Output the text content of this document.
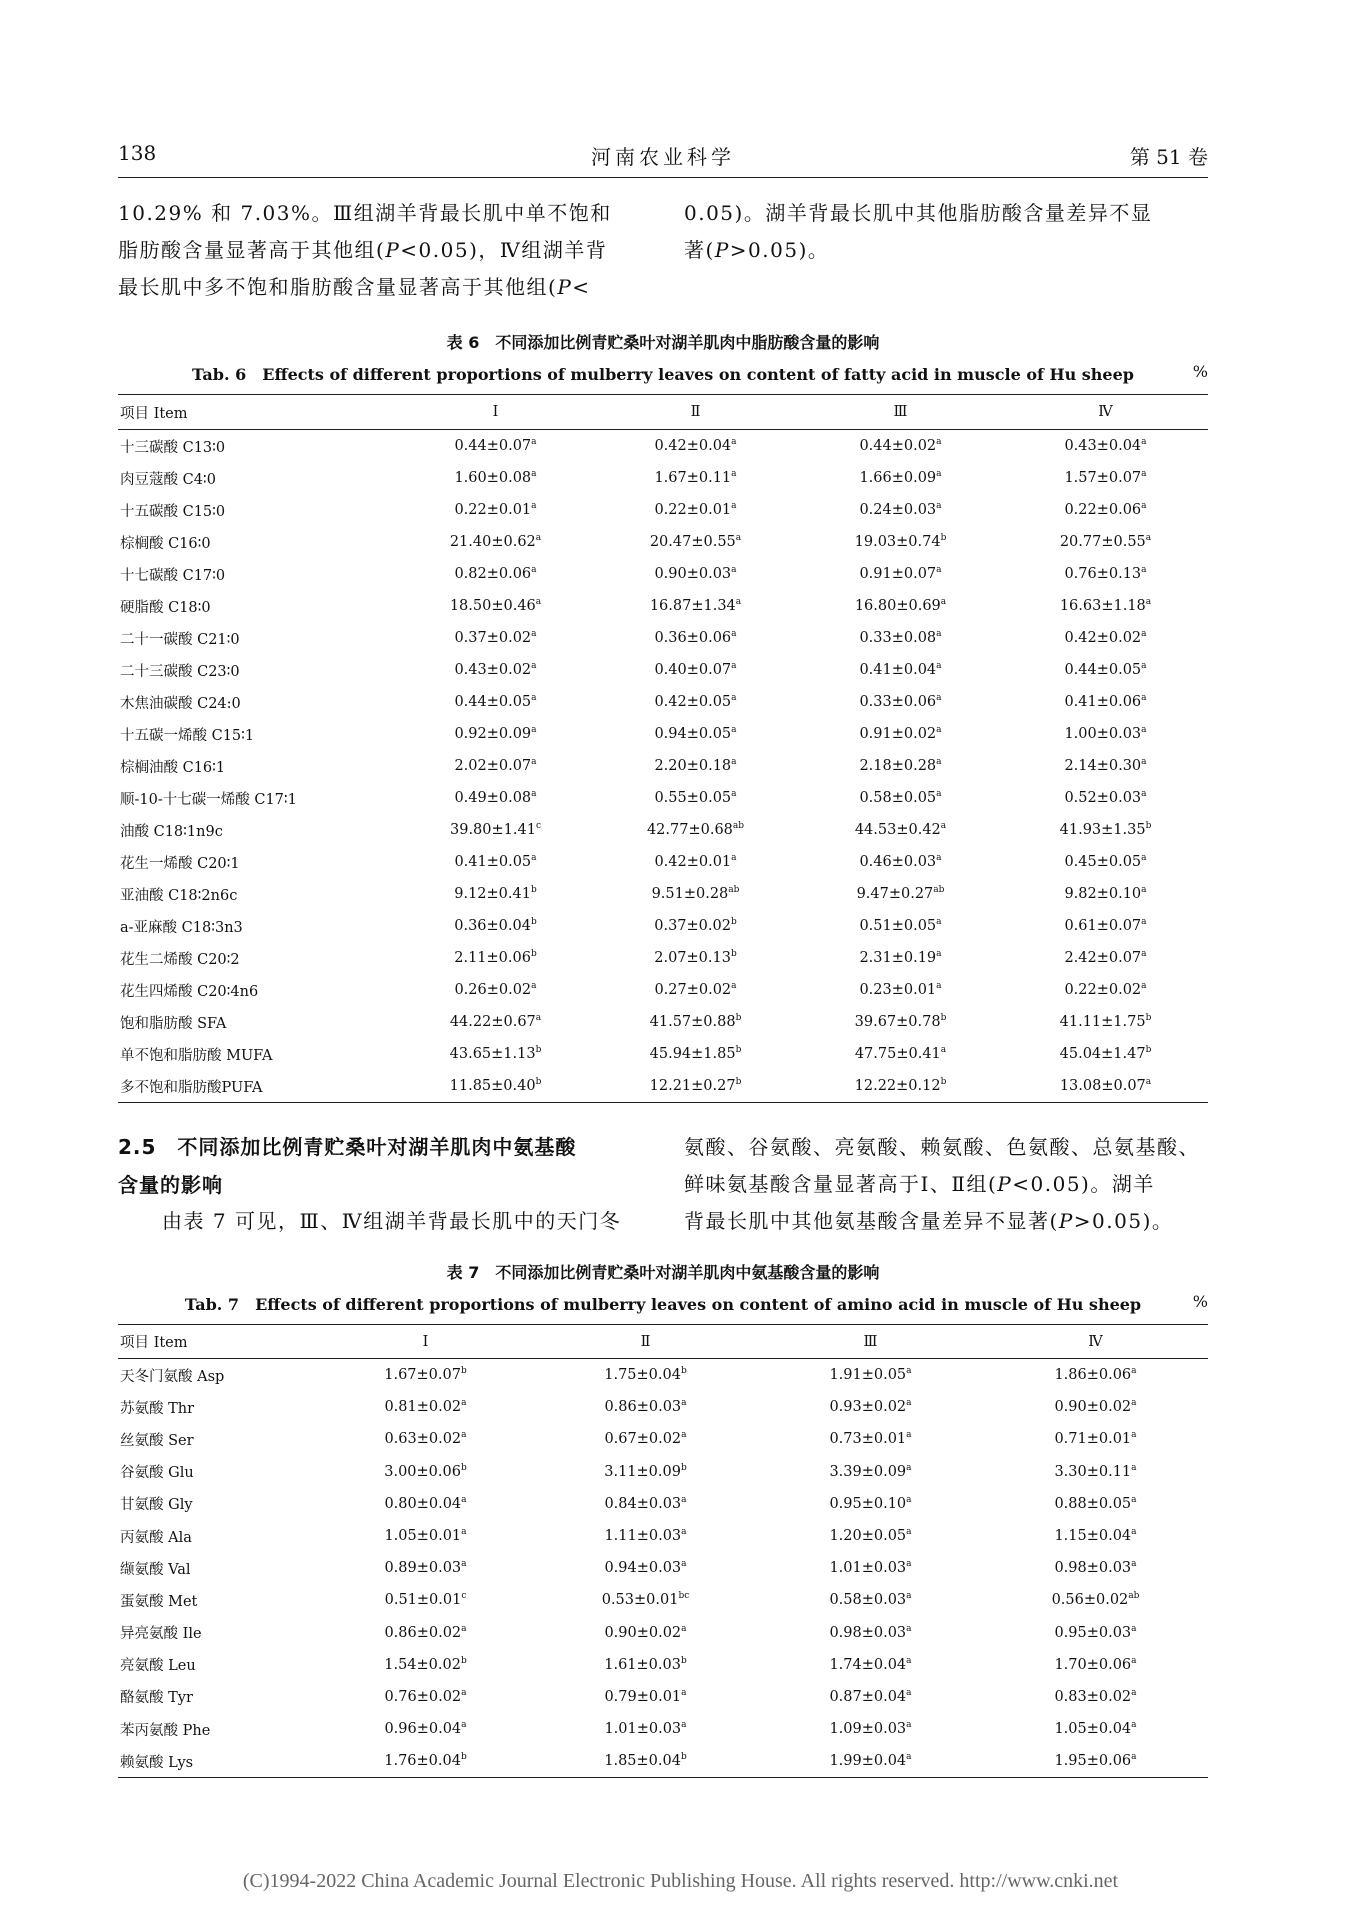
138	河南农业科学	第 51 卷
10.29% 和 7.03%。Ⅲ组湖羊背最长肌中单不饱和
脂肪酸含量显著高于其他组(P<0.05)，Ⅳ组湖羊背
最长肌中多不饱和脂肪酸含量显著高于其他组(P<
0.05)。湖羊背最长肌中其他脂肪酸含量差异不显
著(P>0.05)。
表 6　不同添加比例青贮桑叶对湖羊肌肉中脂肪酸含量的影响
Tab. 6　Effects of different proportions of mulberry leaves on content of fatty acid in muscle of Hu sheep	%
项目 Item	Ⅰ	Ⅱ	Ⅲ	Ⅳ
十三碳酸 C13∶0	0.44±0.07$^a$	0.42±0.04$^a$	0.44±0.02$^a$	0.43±0.04$^a$
肉豆蔻酸 C4∶0	1.60±0.08$^a$	1.67±0.11$^a$	1.66±0.09$^a$	1.57±0.07$^a$
十五碳酸 C15∶0	0.22±0.01$^a$	0.22±0.01$^a$	0.24±0.03$^a$	0.22±0.06$^a$
棕榈酸 C16∶0	21.40±0.62$^a$	20.47±0.55$^a$	19.03±0.74$^b$	20.77±0.55$^a$
十七碳酸 C17∶0	0.82±0.06$^a$	0.90±0.03$^a$	0.91±0.07$^a$	0.76±0.13$^a$
硬脂酸 C18∶0	18.50±0.46$^a$	16.87±1.34$^a$	16.80±0.69$^a$	16.63±1.18$^a$
二十一碳酸 C21∶0	0.37±0.02$^a$	0.36±0.06$^a$	0.33±0.08$^a$	0.42±0.02$^a$
二十三碳酸 C23∶0	0.43±0.02$^a$	0.40±0.07$^a$	0.41±0.04$^a$	0.44±0.05$^a$
木焦油碳酸 C24:0	0.44±0.05$^a$	0.42±0.05$^a$	0.33±0.06$^a$	0.41±0.06$^a$
十五碳一烯酸 C15∶1	0.92±0.09$^a$	0.94±0.05$^a$	0.91±0.02$^a$	1.00±0.03$^a$
棕榈油酸 C16∶1	2.02±0.07$^a$	2.20±0.18$^a$	2.18±0.28$^a$	2.14±0.30$^a$
顺-10-十七碳一烯酸 C17∶1	0.49±0.08$^a$	0.55±0.05$^a$	0.58±0.05$^a$	0.52±0.03$^a$
油酸 C18∶1n9c	39.80±1.41$^c$	42.77±0.68$^{ab}$	44.53±0.42$^a$	41.93±1.35$^b$
花生一烯酸 C20∶1	0.41±0.05$^a$	0.42±0.01$^a$	0.46±0.03$^a$	0.45±0.05$^a$
亚油酸 C18∶2n6c	9.12±0.41$^b$	9.51±0.28$^{ab}$	9.47±0.27$^{ab}$	9.82±0.10$^a$
a-亚麻酸 C18∶3n3	0.36±0.04$^b$	0.37±0.02$^b$	0.51±0.05$^a$	0.61±0.07$^a$
花生二烯酸 C20∶2	2.11±0.06$^b$	2.07±0.13$^b$	2.31±0.19$^a$	2.42±0.07$^a$
花生四烯酸 C20∶4n6	0.26±0.02$^a$	0.27±0.02$^a$	0.23±0.01$^a$	0.22±0.02$^a$
饱和脂肪酸 SFA	44.22±0.67$^a$	41.57±0.88$^b$	39.67±0.78$^b$	41.11±1.75$^b$
单不饱和脂肪酸 MUFA	43.65±1.13$^b$	45.94±1.85$^b$	47.75±0.41$^a$	45.04±1.47$^b$
多不饱和脂肪酸PUFA	11.85±0.40$^b$	12.21±0.27$^b$	12.22±0.12$^b$	13.08±0.07$^a$
2.5　不同添加比例青贮桑叶对湖羊肌肉中氨基酸
含量的影响
由表 7 可见，Ⅲ、Ⅳ组湖羊背最长肌中的天门冬
氨酸、谷氨酸、亮氨酸、赖氨酸、色氨酸、总氨基酸、
鲜味氨基酸含量显著高于Ⅰ、Ⅱ组(P<0.05)。湖羊
背最长肌中其他氨基酸含量差异不显著(P>0.05)。
表 7　不同添加比例青贮桑叶对湖羊肌肉中氨基酸含量的影响
Tab. 7　Effects of different proportions of mulberry leaves on content of amino acid in muscle of Hu sheep	%
项目 Item	Ⅰ	Ⅱ	Ⅲ	Ⅳ
天冬门氨酸 Asp	1.67±0.07$^b$	1.75±0.04$^b$	1.91±0.05$^a$	1.86±0.06$^a$
苏氨酸 Thr	0.81±0.02$^a$	0.86±0.03$^a$	0.93±0.02$^a$	0.90±0.02$^a$
丝氨酸 Ser	0.63±0.02$^a$	0.67±0.02$^a$	0.73±0.01$^a$	0.71±0.01$^a$
谷氨酸 Glu	3.00±0.06$^b$	3.11±0.09$^b$	3.39±0.09$^a$	3.30±0.11$^a$
甘氨酸 Gly	0.80±0.04$^a$	0.84±0.03$^a$	0.95±0.10$^a$	0.88±0.05$^a$
丙氨酸 Ala	1.05±0.01$^a$	1.11±0.03$^a$	1.20±0.05$^a$	1.15±0.04$^a$
缬氨酸 Val	0.89±0.03$^a$	0.94±0.03$^a$	1.01±0.03$^a$	0.98±0.03$^a$
蛋氨酸 Met	0.51±0.01$^c$	0.53±0.01$^{bc}$	0.58±0.03$^a$	0.56±0.02$^{ab}$
异亮氨酸 Ile	0.86±0.02$^a$	0.90±0.02$^a$	0.98±0.03$^a$	0.95±0.03$^a$
亮氨酸 Leu	1.54±0.02$^b$	1.61±0.03$^b$	1.74±0.04$^a$	1.70±0.06$^a$
酪氨酸 Tyr	0.76±0.02$^a$	0.79±0.01$^a$	0.87±0.04$^a$	0.83±0.02$^a$
苯丙氨酸 Phe	0.96±0.04$^a$	1.01±0.03$^a$	1.09±0.03$^a$	1.05±0.04$^a$
赖氨酸 Lys	1.76±0.04$^b$	1.85±0.04$^b$	1.99±0.04$^a$	1.95±0.06$^a$
(C)1994-2022 China Academic Journal Electronic Publishing House. All rights reserved. http://www.cnki.net
